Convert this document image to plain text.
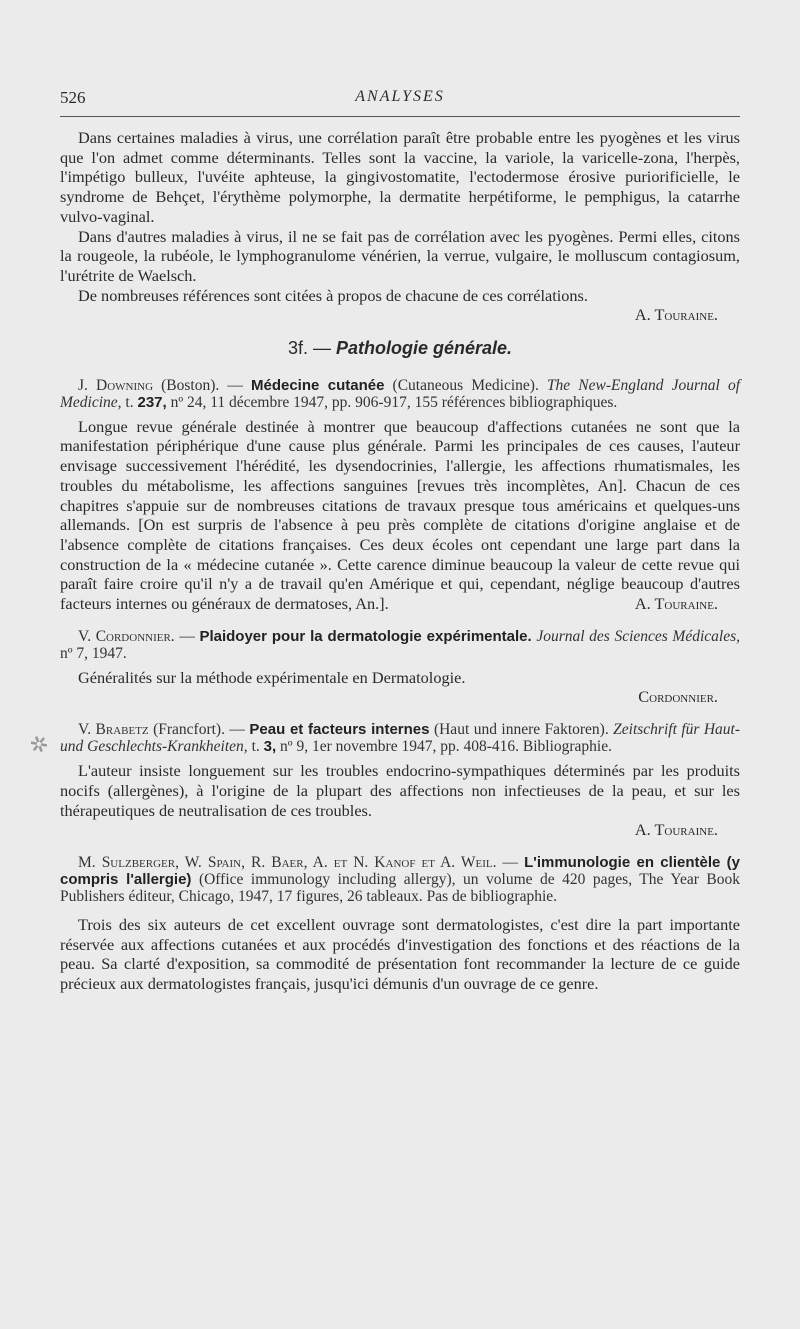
526	ANALYSES
✲

Dans certaines maladies à virus, une corrélation paraît être probable entre les pyogènes et les virus que l'on admet comme déterminants. Telles sont la vaccine, la variole, la varicelle-zona, l'herpès, l'impétigo bulleux, l'uvéite aphteuse, la gingivostomatite, l'ectodermose érosive puriorificielle, le syndrome de Behçet, l'érythème polymorphe, la dermatite herpétiforme, le pemphigus, la catarrhe vulvo-vaginal.

Dans d'autres maladies à virus, il ne se fait pas de corrélation avec les pyogènes. Permi elles, citons la rougeole, la rubéole, le lymphogranulome vénérien, la verrue, vulgaire, le molluscum contagiosum, l'urétrite de Waelsch.

De nombreuses références sont citées à propos de chacune de ces corrélations.

A. Touraine.

3f. — Pathologie générale.

J. Downing (Boston). — Médecine cutanée (Cutaneous Medicine). The New-England Journal of Medicine, t. 237, nº 24, 11 décembre 1947, pp. 906-917, 155 références bibliographiques.

Longue revue générale destinée à montrer que beaucoup d'affections cutanées ne sont que la manifestation périphérique d'une cause plus générale. Parmi les principales de ces causes, l'auteur envisage successivement l'hérédité, les dysendocrinies, l'allergie, les affections rhumatismales, les troubles du métabolisme, les affections sanguines [revues très incomplètes, An]. Chacun de ces chapitres s'appuie sur de nombreuses citations de travaux presque tous américains et quelques-uns allemands. [On est surpris de l'absence à peu près complète de citations d'origine anglaise et de l'absence complète de citations françaises. Ces deux écoles ont cependant une large part dans la construction de la « médecine cutanée ». Cette carence diminue beaucoup la valeur de cette revue qui paraît faire croire qu'il n'y a de travail qu'en Amérique et qui, cependant, néglige beaucoup d'autres facteurs internes ou généraux de dermatoses, An.].	A. Touraine.

V. Cordonnier. — Plaidoyer pour la dermatologie expérimentale. Journal des Sciences Médicales, nº 7, 1947.

Généralités sur la méthode expérimentale en Dermatologie.

Cordonnier.

V. Brabetz (Francfort). — Peau et facteurs internes (Haut und innere Faktoren). Zeitschrift für Haut-und Geschlechts-Krankheiten, t. 3, nº 9, 1er novembre 1947, pp. 408-416. Bibliographie.

L'auteur insiste longuement sur les troubles endocrino-sympathiques déterminés par les produits nocifs (allergènes), à l'origine de la plupart des affections non infectieuses de la peau, et sur les thérapeutiques de neutralisation de ces troubles.

A. Touraine.

M. Sulzberger, W. Spain, R. Baer, A. et N. Kanof et A. Weil. — L'immunologie en clientèle (y compris l'allergie) (Office immunology including allergy), un volume de 420 pages, The Year Book Publishers éditeur, Chicago, 1947, 17 figures, 26 tableaux. Pas de bibliographie.

Trois des six auteurs de cet excellent ouvrage sont dermatologistes, c'est dire la part importante réservée aux affections cutanées et aux procédés d'investigation des fonctions et des réactions de la peau. Sa clarté d'exposition, sa commodité de présentation font recommander la lecture de ce guide précieux aux dermatologistes français, jusqu'ici démunis d'un ouvrage de ce genre.
